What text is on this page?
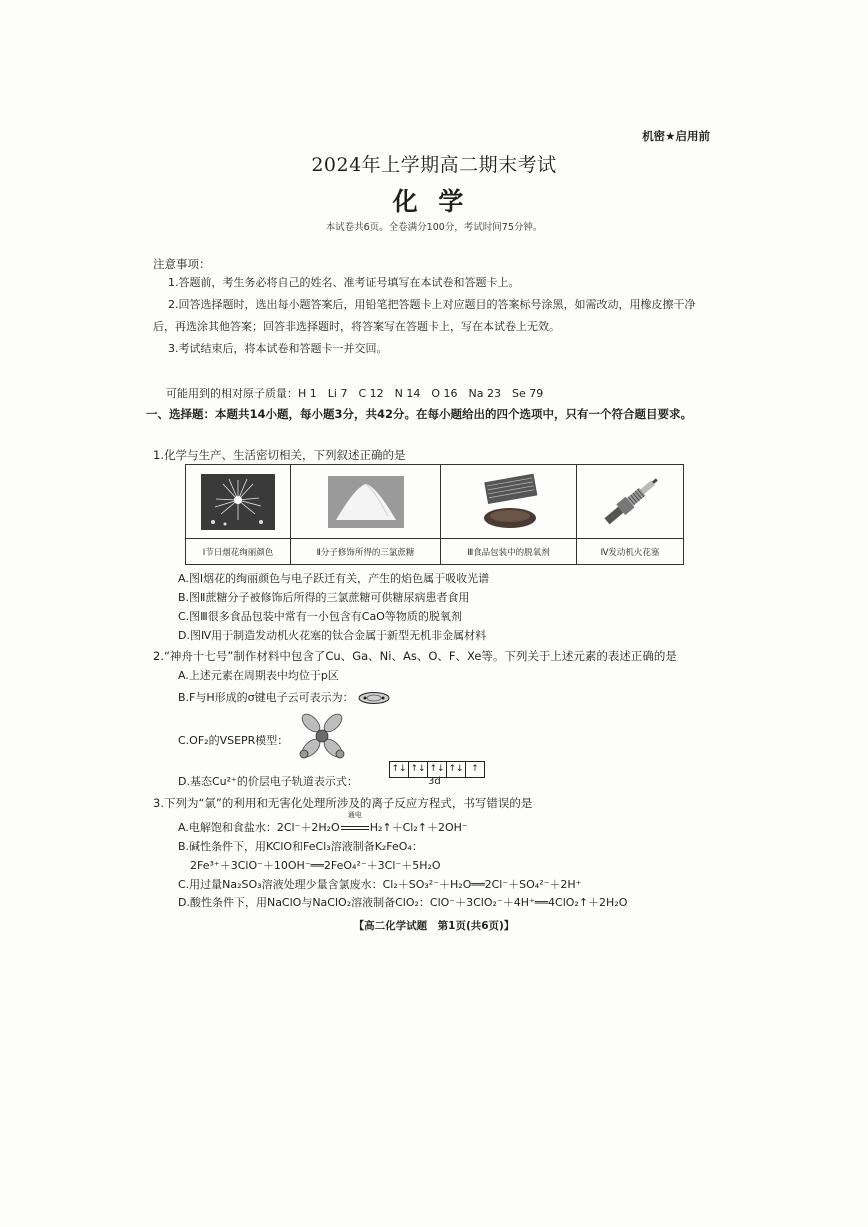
机密★启用前
2024年上学期高二期末考试
化 学
本试卷共6页。全卷满分100分，考试时间75分钟。
注意事项：
1.答题前，考生务必将自己的姓名、准考证号填写在本试卷和答题卡上。
2.回答选择题时，选出每小题答案后，用铅笔把答题卡上对应题目的答案标号涂黑，如需改动，用橡皮擦干净后，再选涂其他答案；回答非选择题时，将答案写在答题卡上，写在本试卷上无效。
3.考试结束后，将本试卷和答题卡一并交回。
可能用到的相对原子质量：H 1　Li 7　C 12　N 14　O 16　Na 23　Se 79
一、选择题：本题共14小题，每小题3分，共42分。在每小题给出的四个选项中，只有一个符合题目要求。
1.化学与生产、生活密切相关，下列叙述正确的是
Ⅰ节日烟花绚丽颜色	Ⅱ分子修饰所得的三氯蔗糖	Ⅲ食品包装中的脱氧剂	Ⅳ发动机火花塞
A.图Ⅰ烟花的绚丽颜色与电子跃迁有关，产生的焰色属于吸收光谱
B.图Ⅱ蔗糖分子被修饰后所得的三氯蔗糖可供糖尿病患者食用
C.图Ⅲ很多食品包装中常有一小包含有CaO等物质的脱氧剂
D.图Ⅳ用于制造发动机火花塞的钛合金属于新型无机非金属材料
2.“神舟十七号”制作材料中包含了Cu、Ga、Ni、As、O、F、Xe等。下列关于上述元素的表述正确的是
A.上述元素在周期表中均位于p区
B.F与H形成的σ键电子云可表示为：
C.OF₂的VSEPR模型：
D.基态Cu²⁺的价层电子轨道表示式：
↑↓ ↑↓ ↑↓ ↑↓ ↑
3d
3.下列为“氯”的利用和无害化处理所涉及的离子反应方程式，书写错误的是
A.电解饱和食盐水：2Cl⁻＋2H₂O
通电
H₂↑＋Cl₂↑＋2OH⁻
B.碱性条件下，用KClO和FeCl₃溶液制备K₂FeO₄：
2Fe³⁺＋3ClO⁻＋10OH⁻══2FeO₄²⁻＋3Cl⁻＋5H₂O
C.用过量Na₂SO₃溶液处理少量含氯废水：Cl₂＋SO₃²⁻＋H₂O══2Cl⁻＋SO₄²⁻＋2H⁺
D.酸性条件下，用NaClO与NaClO₂溶液制备ClO₂：ClO⁻＋3ClO₂⁻＋4H⁺══4ClO₂↑＋2H₂O
【高二化学试题　第1页(共6页)】
